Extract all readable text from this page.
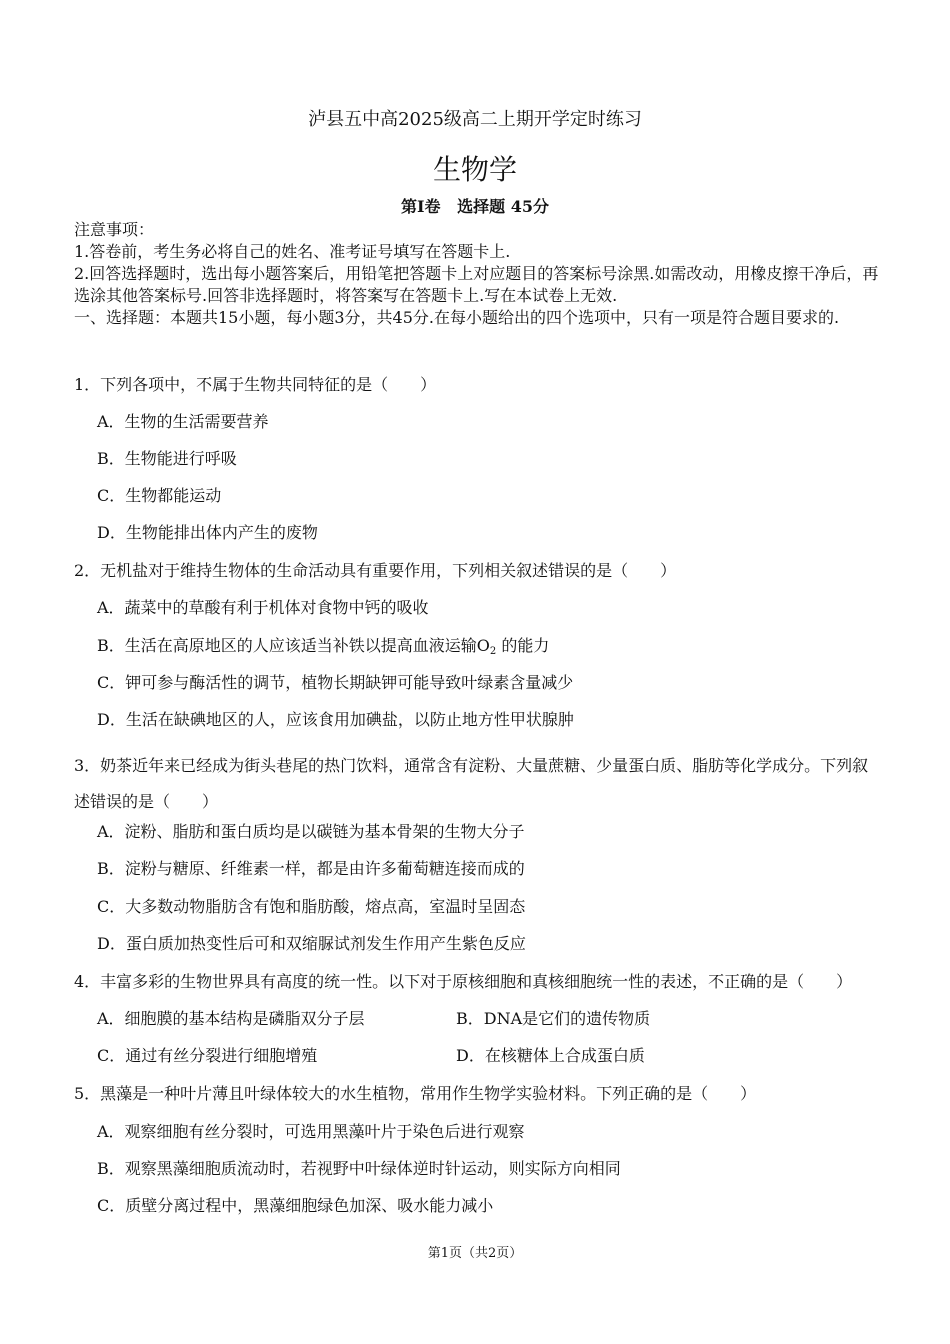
泸县五中高2025级高二上期开学定时练习
生物学
第Ⅰ卷   选择题 45分

注意事项：

1.答卷前，考生务必将自己的姓名、准考证号填写在答题卡上.

2.回答选择题时，选出每小题答案后，用铅笔把答题卡上对应题目的答案标号涂黑.如需改动，用橡皮擦干净后，再选涂其他答案标号.回答非选择题时，将答案写在答题卡上.写在本试卷上无效.

一、选择题：本题共15小题，每小题3分，共45分.在每小题给出的四个选项中，只有一项是符合题目要求的.

1．下列各项中，不属于生物共同特征的是（　　）
A．生物的生活需要营养
B．生物能进行呼吸
C．生物都能运动
D．生物能排出体内产生的废物
2．无机盐对于维持生物体的生命活动具有重要作用，下列相关叙述错误的是（　　）
A．蔬菜中的草酸有利于机体对食物中钙的吸收
B．生活在高原地区的人应该适当补铁以提高血液运输$O_2$ 的能力
C．钾可参与酶活性的调节，植物长期缺钾可能导致叶绿素含量减少
D．生活在缺碘地区的人，应该食用加碘盐，以防止地方性甲状腺肿
3．奶茶近年来已经成为街头巷尾的热门饮料，通常含有淀粉、大量蔗糖、少量蛋白质、脂肪等化学成分。下列叙述错误的是（　　）
A．淀粉、脂肪和蛋白质均是以碳链为基本骨架的生物大分子
B．淀粉与糖原、纤维素一样，都是由许多葡萄糖连接而成的
C．大多数动物脂肪含有饱和脂肪酸，熔点高，室温时呈固态
D．蛋白质加热变性后可和双缩脲试剂发生作用产生紫色反应
4．丰富多彩的生物世界具有高度的统一性。以下对于原核细胞和真核细胞统一性的表述，不正确的是（　　）
A．细胞膜的基本结构是磷脂双分子层	B．DNA是它们的遗传物质
C．通过有丝分裂进行细胞增殖	D．在核糖体上合成蛋白质
5．黑藻是一种叶片薄且叶绿体较大的水生植物，常用作生物学实验材料。下列正确的是（　　）
A．观察细胞有丝分裂时，可选用黑藻叶片于染色后进行观察
B．观察黑藻细胞质流动时，若视野中叶绿体逆时针运动，则实际方向相同
C．质壁分离过程中，黑藻细胞绿色加深、吸水能力减小
第1页（共2页）
